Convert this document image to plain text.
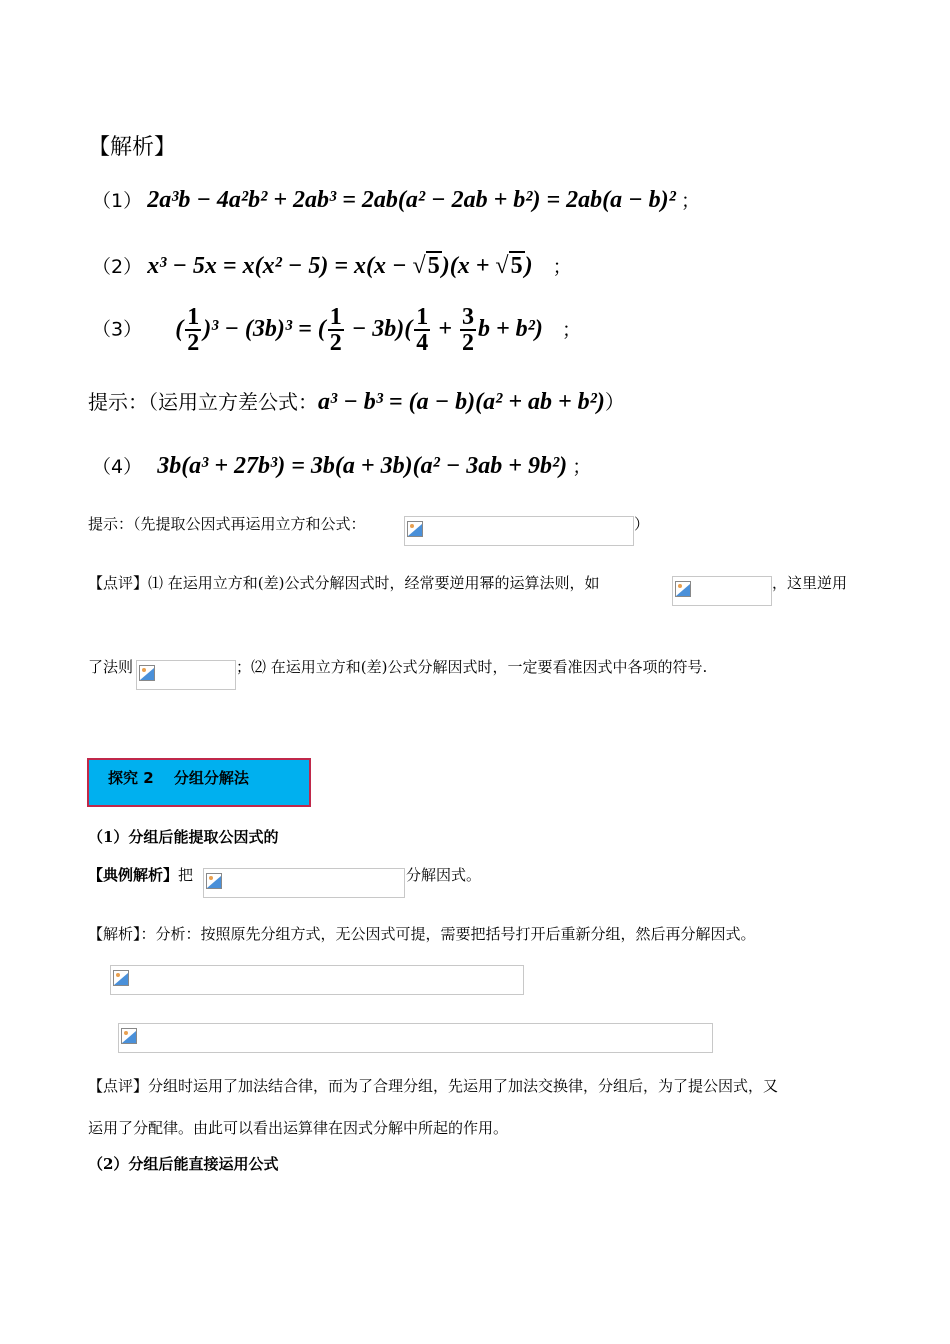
【解析】
（1） 2a³b − 4a²b² + 2ab³ = 2ab(a² − 2ab + b²) = 2ab(a − b)² ；
（2） x³ − 5x = x(x² − 5) = x(x − √5)(x + √5) ；
（3） ( $\frac{1}{2} )^3 - (3b)^3$ = ( $\frac{1}{2} - 3b)( \frac{1}{4} + \frac{3}{2}$ b + b²) ；
提示：（运用立方差公式：a³ − b³ = (a − b)(a² + ab + b²)）
（4） 3b(a³ + 27b³) = 3b(a + 3b)(a² − 3ab + 9b²) ；
提示：（先提取公因式再运用立方和公式：	）
【点评】⑴ 在运用立方和(差)公式分解因式时，经常要逆用幂的运算法则，如	，这里逆用
了法则	；⑵ 在运用立方和(差)公式分解因式时，一定要看准因式中各项的符号.
探究 2　 分组分解法
（1）分组后能提取公因式的
【典例解析】把	分解因式。
【解析】：分析：按照原先分组方式，无公因式可提，需要把括号打开后重新分组，然后再分解因式。
【点评】分组时运用了加法结合律，而为了合理分组，先运用了加法交换律，分组后，为了提公因式，又
运用了分配律。由此可以看出运算律在因式分解中所起的作用。
（2）分组后能直接运用公式
